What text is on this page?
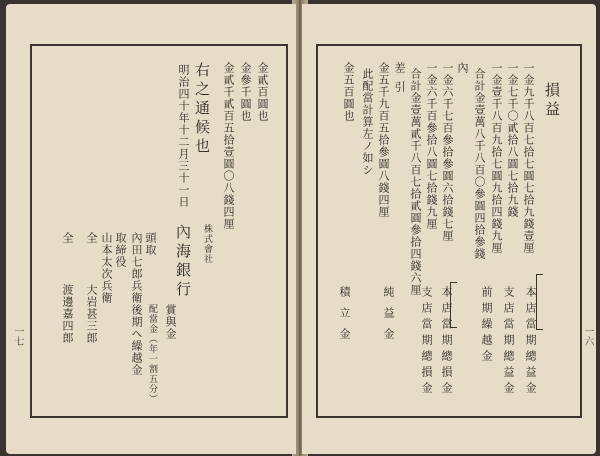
金貳百圓也
金參千圓也
金貳千貳百五拾壹圓〇八錢四厘
右之通候也
明治四十年十二月三十一日
株式會社
內海銀行
賞與金
配當金（年一割五分）
後期へ繰越金
頭取
內田七郎兵衛
取締役
山本太次兵衛
全
大岩甚三郎
全
渡邊嘉四郎
一七
損益
一金九千八百七拾七圓七拾九錢壹厘
一金七千〇貳拾八圓七拾九錢
一金壹千八百九拾七圓九拾四錢九厘
合計金壹萬八千八百〇參圓四拾參錢
內
一金六千七百參拾參圓六拾錢七厘
一金六千百參拾八圓七拾錢九厘
合計金壹萬貳千八百七拾貳圓參拾四錢六厘
差引
金五千九百五拾參圓八錢四厘
此配當計算左ノ如シ
金五百圓也
本店當期總益金
支店當期總益金
前期繰越金
本店當期總損金
支店當期總損金
純益金
積立金	一六
